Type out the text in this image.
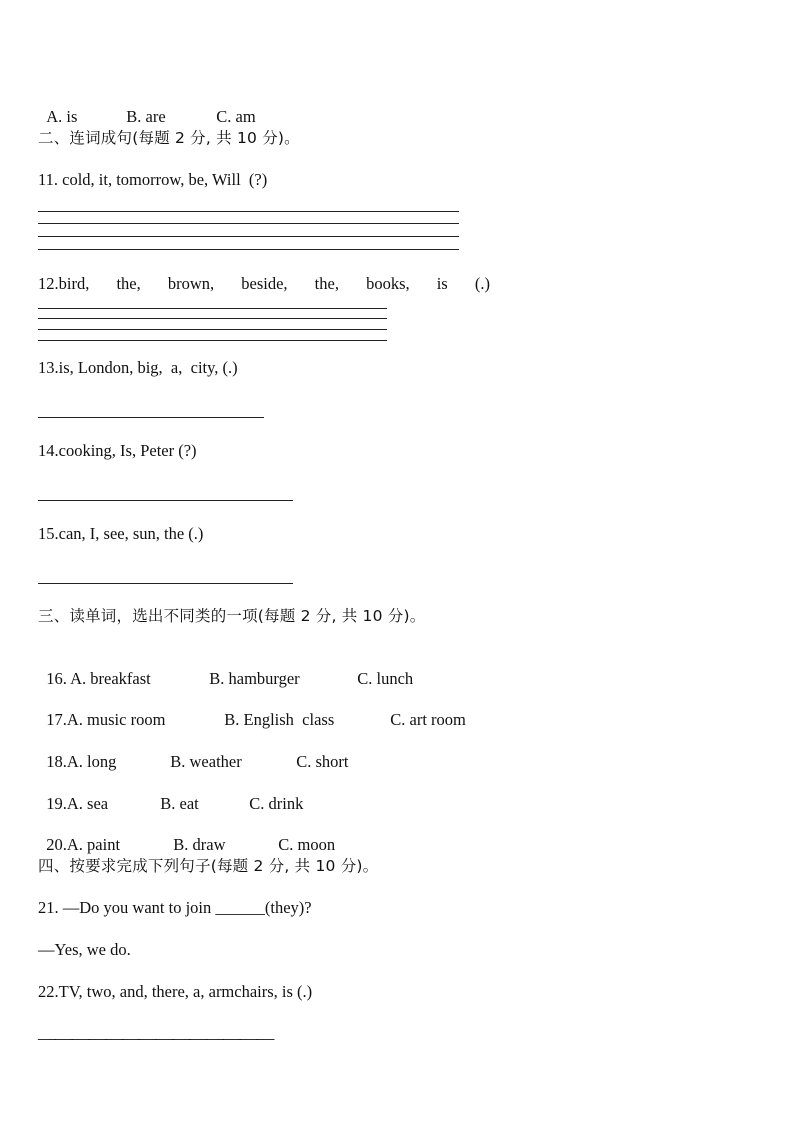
A. is	B. are	C. am

二、连词成句(每题 2 分, 共 10 分)。
11. cold, it, tomorrow, be, Will  (?)
12.bird, the, brown, beside, the, books, is (.)
13.is, London, big,  a,  city, (.)
14.cooking, Is, Peter (?)
15.can, I, see, sun, the (.)
三、读单词，选出不同类的一项(每题 2 分, 共 10 分)。

16. A. breakfast	B. hamburger	C. lunch

17.A. music room	B. English  class	C. art room

18.A. long	B. weather	C. short

19.A. sea	B. eat	C. drink

20.A. paint	B. draw	C. moon

四、按要求完成下列句子(每题 2 分, 共 10 分)。
21. —Do you want to join ______(they)?
—Yes, we do.
22.TV, two, and, there, a, armchairs, is (.)
——————————————
